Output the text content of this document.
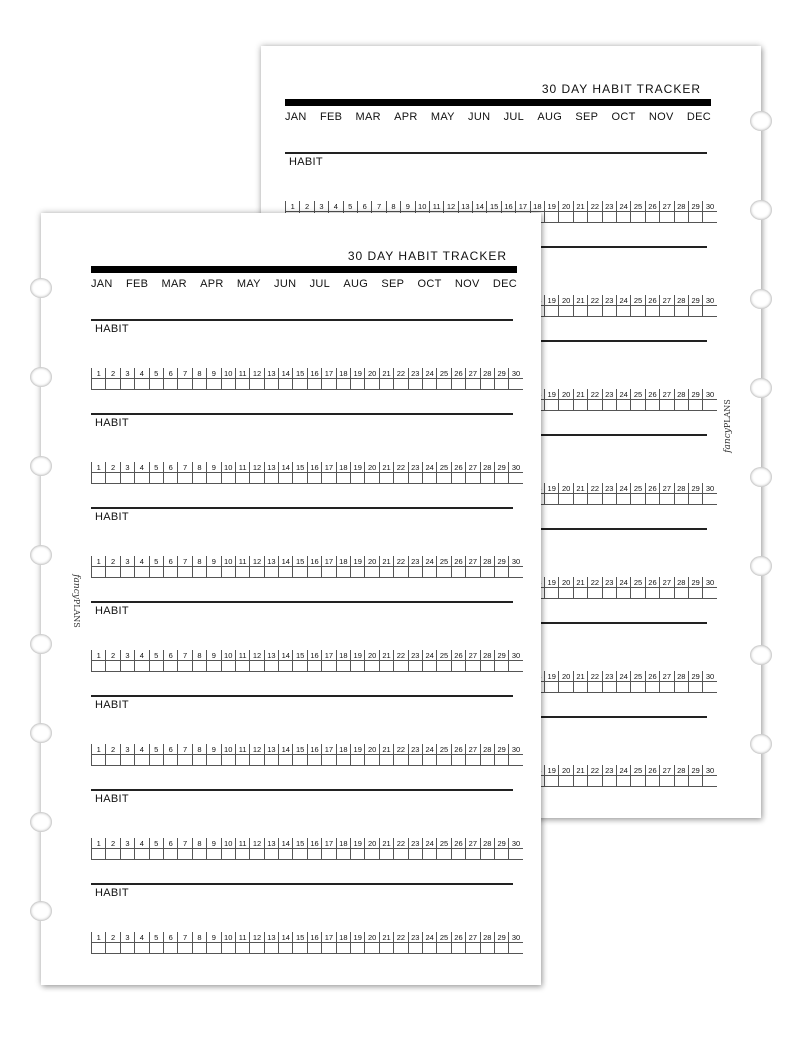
30 DAY HABIT TRACKER
JAN FEB MAR APR MAY JUN JUL AUG SEP OCT NOV DEC
HABIT
1	2	3	4	5	6	7	8	9	10 11 12 13 14 15 16 17 18 19 20 21 22 23 24 25 26 27 28 29 30
19 20 21 22 23 24 25 26 27 28 29 30
19 20 21 22 23 24 25 26 27 28 29 30
19 20 21 22 23 24 25 26 27 28 29 30
19 20 21 22 23 24 25 26 27 28 29 30
19 20 21 22 23 24 25 26 27 28 29 30
19 20 21 22 23 24 25 26 27 28 29 30
fancyPLANS
30 DAY HABIT TRACKER
JAN FEB MAR APR MAY JUN JUL AUG SEP OCT NOV DEC
HABIT
1	2	3	4	5	6	7	8	9	10 11 12 13 14 15 16 17 18 19 20 21 22 23 24 25 26 27 28 29 30
HABIT
1	2	3	4	5	6	7	8	9	10 11 12 13 14 15 16 17 18 19 20 21 22 23 24 25 26 27 28 29 30
HABIT
1	2	3	4	5	6	7	8	9	10 11 12 13 14 15 16 17 18 19 20 21 22 23 24 25 26 27 28 29 30
HABIT
1	2	3	4	5	6	7	8	9	10 11 12 13 14 15 16 17 18 19 20 21 22 23 24 25 26 27 28 29 30
HABIT
1	2	3	4	5	6	7	8	9	10 11 12 13 14 15 16 17 18 19 20 21 22 23 24 25 26 27 28 29 30
HABIT
1	2	3	4	5	6	7	8	9	10 11 12 13 14 15 16 17 18 19 20 21 22 23 24 25 26 27 28 29 30
HABIT
1	2	3	4	5	6	7	8	9	10 11 12 13 14 15 16 17 18 19 20 21 22 23 24 25 26 27 28 29 30
fancyPLANS
